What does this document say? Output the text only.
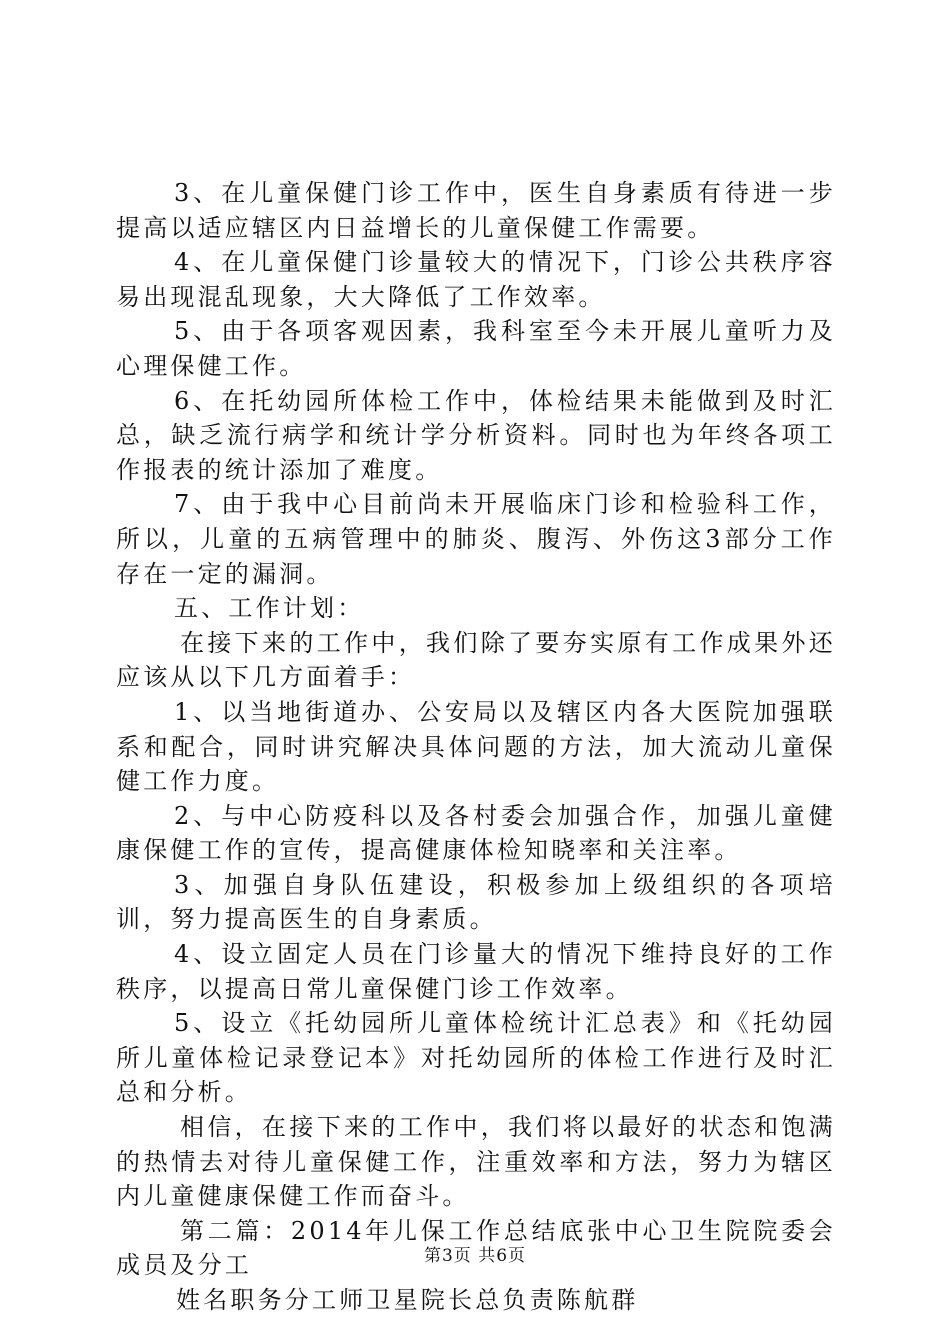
3、在儿童保健门诊工作中，医生自身素质有待进一步提高以适应辖区内日益增长的儿童保健工作需要。

4、在儿童保健门诊量较大的情况下，门诊公共秩序容易出现混乱现象，大大降低了工作效率。

5、由于各项客观因素，我科室至今未开展儿童听力及心理保健工作。

6、在托幼园所体检工作中，体检结果未能做到及时汇总，缺乏流行病学和统计学分析资料。同时也为年终各项工作报表的统计添加了难度。

7、由于我中心目前尚未开展临床门诊和检验科工作，所以，儿童的五病管理中的肺炎、腹泻、外伤这3部分工作存在一定的漏洞。

五、工作计划：

在接下来的工作中，我们除了要夯实原有工作成果外还应该从以下几方面着手：

1、以当地街道办、公安局以及辖区内各大医院加强联系和配合，同时讲究解决具体问题的方法，加大流动儿童保健工作力度。

2、与中心防疫科以及各村委会加强合作，加强儿童健康保健工作的宣传，提高健康体检知晓率和关注率。

3、加强自身队伍建设，积极参加上级组织的各项培训，努力提高医生的自身素质。

4、设立固定人员在门诊量大的情况下维持良好的工作秩序，以提高日常儿童保健门诊工作效率。

5、设立《托幼园所儿童体检统计汇总表》和《托幼园所儿童体检记录登记本》对托幼园所的体检工作进行及时汇总和分析。

相信，在接下来的工作中，我们将以最好的状态和饱满的热情去对待儿童保健工作，注重效率和方法，努力为辖区内儿童健康保健工作而奋斗。

第二篇：2014年儿保工作总结底张中心卫生院院委会成员及分工

姓名职务分工师卫星院长总负责陈航群

第3页 共6页
